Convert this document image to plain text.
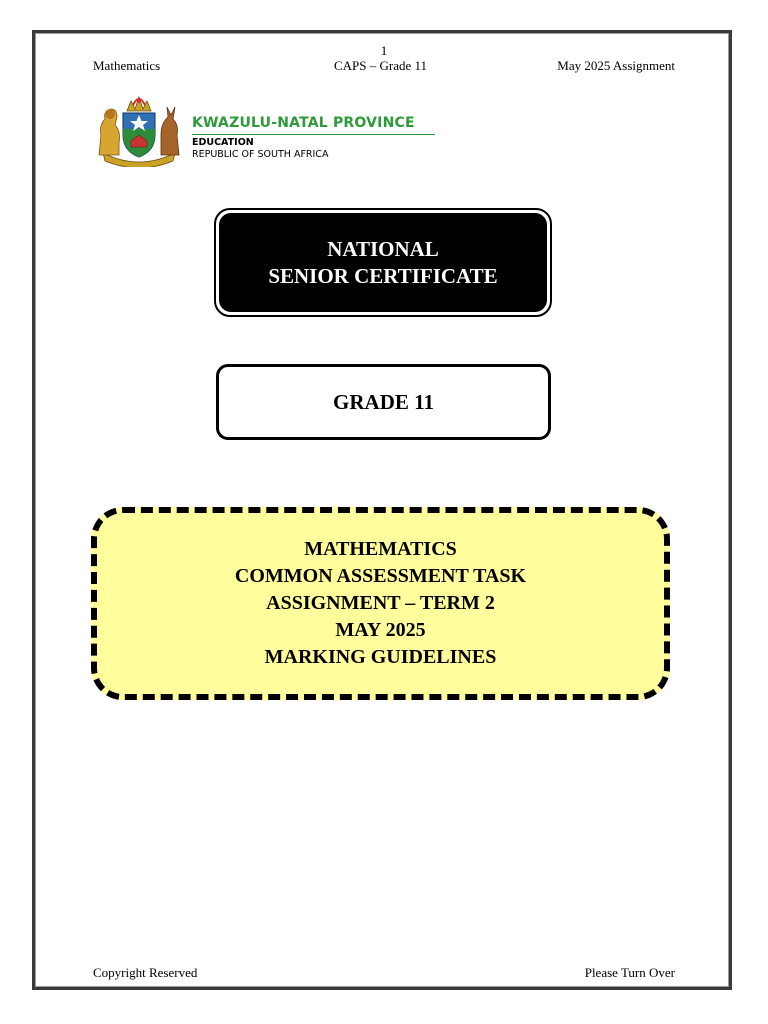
1
Mathematics	CAPS – Grade 11	May 2025 Assignment
KWAZULU-NATAL PROVINCE
EDUCATION
REPUBLIC OF SOUTH AFRICA
NATIONAL
SENIOR CERTIFICATE
GRADE 11
MATHEMATICS
COMMON ASSESSMENT TASK
ASSIGNMENT – TERM 2
MAY 2025
MARKING GUIDELINES
Copyright Reserved	Please Turn Over
